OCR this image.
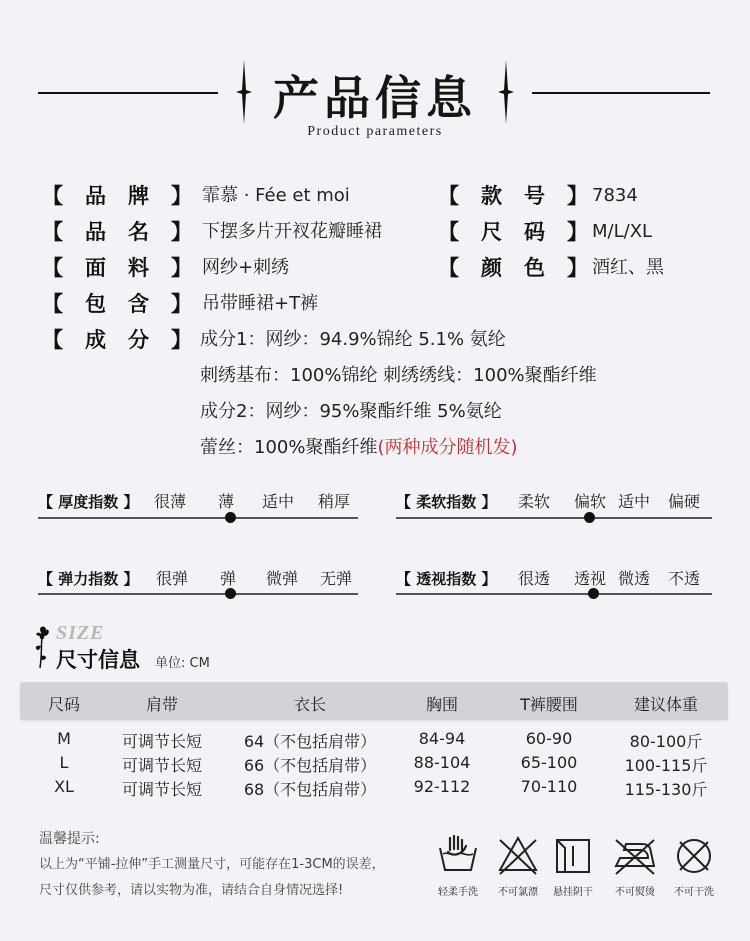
产品信息
Product parameters
【	品牌 】 霏慕 · Fée et moi	【	款号 】 7834
【	品名 】 下摆多片开衩花瓣睡裙	【	尺码 】 M/L/XL
【	面料 】 网纱+刺绣	【	颜色 】 酒红、黑
【	包含 】 吊带睡裙+T裤
【	成分 】 成分1：网纱：94.9%锦纶 5.1% 氨纶
刺绣基布：100%锦纶 刺绣绣线：100%聚酯纤维
成分2：网纱：95%聚酯纤维 5%氨纶
蕾丝：100%聚酯纤维(两种成分随机发)
【 厚度指数 】 很薄 薄 适中 稍厚	【 柔软指数 】 柔软 偏软 适中 偏硬
【 弹力指数 】 很弹 弹 微弹 无弹	【 透视指数 】 很透 透视 微透 不透
SIZE
尺寸信息 单位: CM
尺码	肩带	衣长	胸围	T裤腰围	建议体重
M	可调节长短	64（不包括肩带）	84-94	60-90	80-100斤
L	可调节长短	66（不包括肩带）	88-104	65-100	100-115斤
XL	可调节长短	68（不包括肩带）	92-112	70-110	115-130斤
温馨提示:
以上为“平铺-拉伸”手工测量尺寸，可能存在1-3CM的误差，
尺寸仅供参考，请以实物为准，请结合自身情况选择!	轻柔手洗	不可氯漂	悬挂阴干	不可熨烫	不可干洗
